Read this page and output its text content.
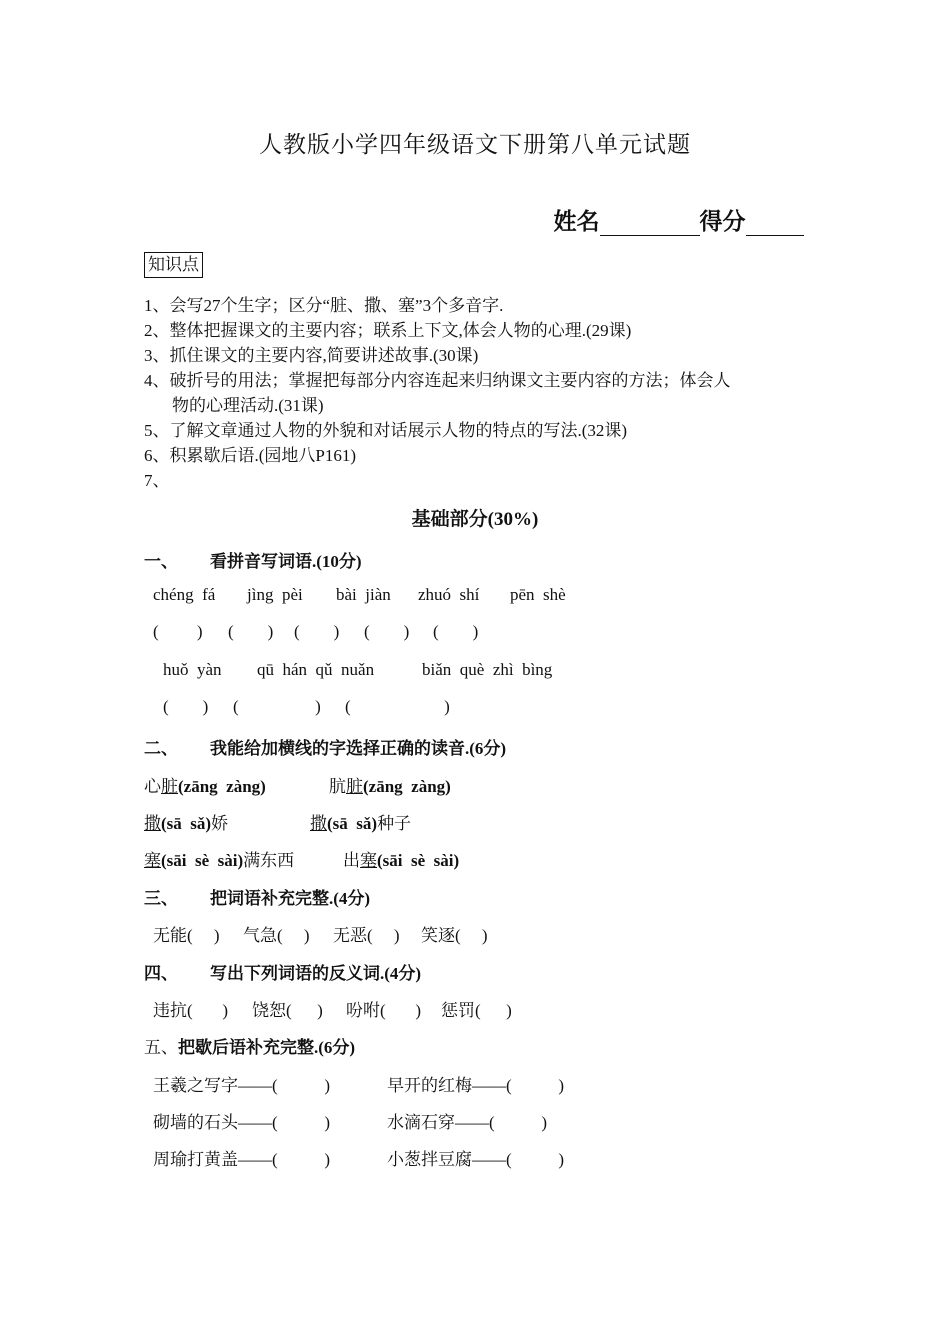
人教版小学四年级语文下册第八单元试题

姓名	得分

知识点
1、会写27个生字；区分“脏、撒、塞”3个多音字.
2、整体把握课文的主要内容；联系上下文,体会人物的心理.(29课)
3、抓住课文的主要内容,简要讲述故事.(30课)
4、破折号的用法；掌握把每部分内容连起来归纳课文主要内容的方法；体会人
物的心理活动.(31课)
5、了解文章通过人物的外貌和对话展示人物的特点的写法.(32课)
6、积累歇后语.(园地八P161)
7、
基础部分(30%)
一、 看拼音写词语.(10分)
chéng  fá jìng  pèi bài  jiàn zhuó  shí pēn  shè
(         ) (        ) (        ) (        ) (        )
huǒ  yàn qū  hán  qǔ  nuǎn	biǎn  què  zhì  bìng
(        ) (                  ) (                      )
二、 我能给加横线的字选择正确的读音.(6分)
心脏(zāng  zàng)	肮脏(zāng  zàng)
撒(sā  sǎ)娇	撒(sā  sǎ)种子
塞(sāi  sè  sài)满东西	出塞(sāi  sè  sài)
三、 把词语补充完整.(4分)
无能(     ) 气急(     ) 无恶(     ) 笑逐(     )
四、 写出下列词语的反义词.(4分)
违抗(       ) 饶恕(      ) 吩咐(       ) 惩罚(      )
五、把歇后语补充完整.(6分)
王羲之写字——(           )	早开的红梅——(           )
砌墙的石头——(           )	水滴石穿——(           )
周瑜打黄盖——(           )	小葱拌豆腐——(           )
